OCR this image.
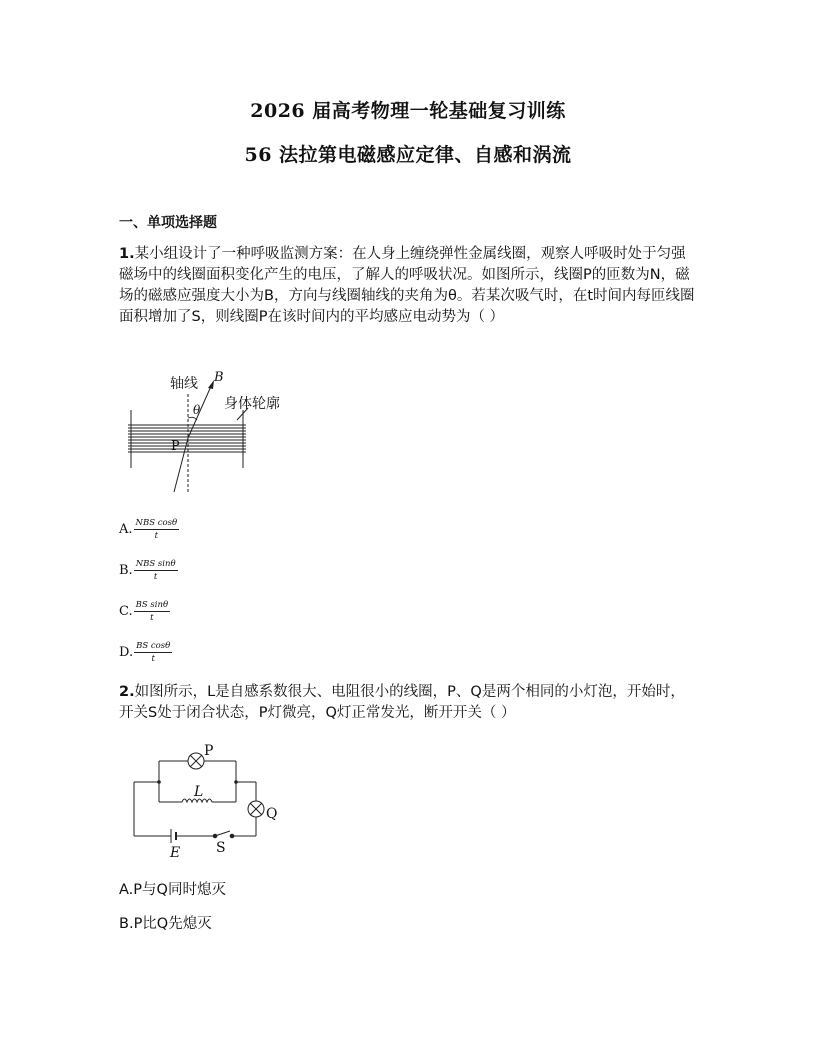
2026 届高考物理一轮基础复习训练
56 法拉第电磁感应定律、自感和涡流
一、单项选择题
1.某小组设计了一种呼吸监测方案：在人身上缠绕弹性金属线圈，观察人呼吸时处于匀强磁场中的线圈面积变化产生的电压，了解人的呼吸状况。如图所示，线圈P的匝数为N，磁场的磁感应强度大小为B，方向与线圈轴线的夹角为θ。若某次吸气时，在t时间内每匝线圈面积增加了S，则线圈P在该时间内的平均感应电动势为（ ）
轴线 B
θ 身体轮廓
P
A. $\frac{\text{NBS cosθ}}{t}$
B. $\frac{\text{NBS sinθ}}{t}$
C. $\frac{\text{BS sinθ}}{t}$
D. $\frac{\text{BS cosθ}}{t}$
2.如图所示，L是自感系数很大、电阻很小的线圈，P、Q是两个相同的小灯泡，开始时，开关S处于闭合状态，P灯微亮，Q灯正常发光，断开开关（ ）
P
L
Q
E	S
A.P与Q同时熄灭
B.P比Q先熄灭
